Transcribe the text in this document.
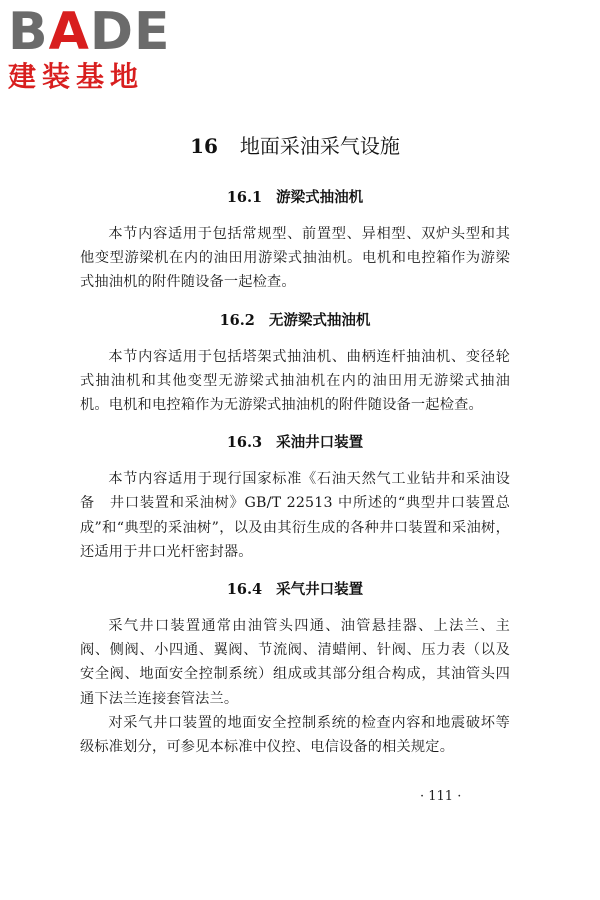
BADE
建装基地
16 地面采油采气设施
16.1 游梁式抽油机

本节内容适用于包括常规型、前置型、异相型、双炉头型和其他变型游梁机在内的油田用游梁式抽油机。电机和电控箱作为游梁式抽油机的附件随设备一起检查。

16.2 无游梁式抽油机

本节内容适用于包括塔架式抽油机、曲柄连杆抽油机、变径轮式抽油机和其他变型无游梁式抽油机在内的油田用无游梁式抽油机。电机和电控箱作为无游梁式抽油机的附件随设备一起检查。

16.3 采油井口装置

本节内容适用于现行国家标准《石油天然气工业钻井和采油设备　井口装置和采油树》GB/T 22513 中所述的“典型井口装置总成”和“典型的采油树”，以及由其衍生成的各种井口装置和采油树，还适用于井口光杆密封器。

16.4 采气井口装置

采气井口装置通常由油管头四通、油管悬挂器、上法兰、主阀、侧阀、小四通、翼阀、节流阀、清蜡闸、针阀、压力表（以及安全阀、地面安全控制系统）组成或其部分组合构成，其油管头四通下法兰连接套管法兰。

对采气井口装置的地面安全控制系统的检查内容和地震破坏等级标准划分，可参见本标准中仪控、电信设备的相关规定。

· 111 ·
